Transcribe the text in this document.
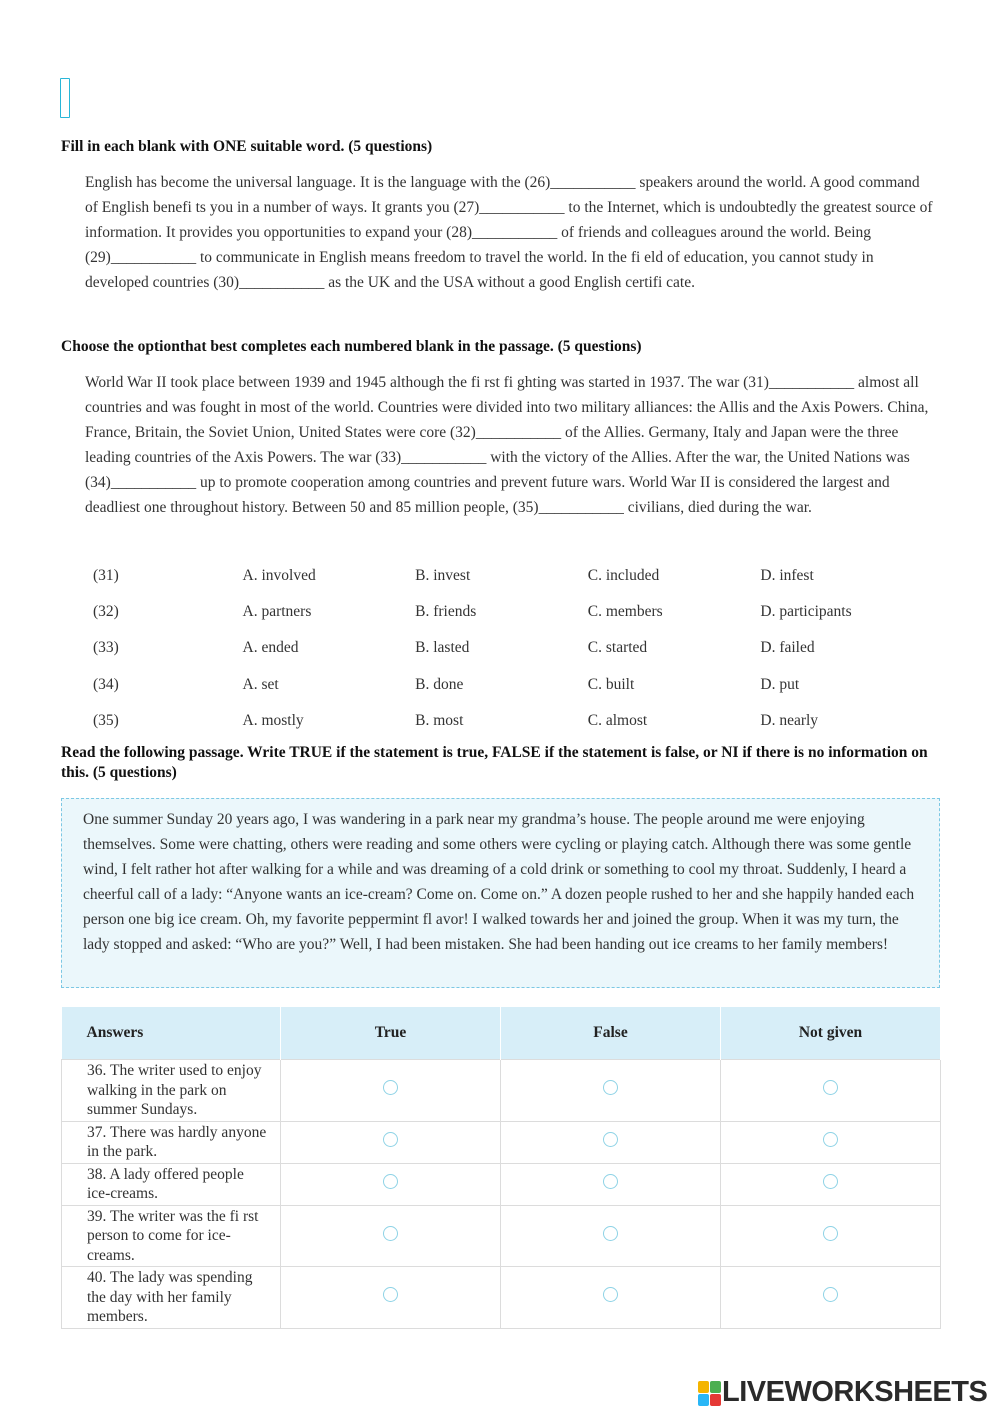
Fill in each blank with ONE suitable word. (5 questions)
English has become the universal language. It is the language with the (26)___________ speakers around the world. A good command of English benefi ts you in a number of ways. It grants you (27)___________ to the Internet, which is undoubtedly the greatest source of information. It provides you opportunities to expand your (28)___________ of friends and colleagues around the world. Being (29)___________ to communicate in English means freedom to travel the world. In the fi eld of education, you cannot study in developed countries (30)___________ as the UK and the USA without a good English certifi cate.
Choose the optionthat best completes each numbered blank in the passage. (5 questions)
World War II took place between 1939 and 1945 although the fi rst fi ghting was started in 1937. The war (31)___________ almost all countries and was fought in most of the world. Countries were divided into two military alliances: the Allis and the Axis Powers. China, France, Britain, the Soviet Union, United States were core (32)___________ of the Allies. Germany, Italy and Japan were the three leading countries of the Axis Powers. The war (33)___________ with the victory of the Allies. After the war, the United Nations was (34)___________ up to promote cooperation among countries and prevent future wars. World War II is considered the largest and deadliest one throughout history. Between 50 and 85 million people, (35)___________ civilians, died during the war.
(31)	A. involved	B. invest	C. included	D. infest
(32)	A. partners	B. friends	C. members	D. participants
(33)	A. ended	B. lasted	C. started	D. failed
(34)	A. set	B. done	C. built	D. put
(35)	A. mostly	B. most	C. almost	D. nearly
Read the following passage. Write TRUE if the statement is true, FALSE if the statement is false, or NI if there is no information on this. (5 questions)
One summer Sunday 20 years ago, I was wandering in a park near my grandma’s house. The people around me were enjoying themselves. Some were chatting, others were reading and some others were cycling or playing catch. Although there was some gentle wind, I felt rather hot after walking for a while and was dreaming of a cold drink or something to cool my throat. Suddenly, I heard a cheerful call of a lady: “Anyone wants an ice-cream? Come on. Come on.” A dozen people rushed to her and she happily handed each person one big ice cream. Oh, my favorite peppermint fl avor! I walked towards her and joined the group. When it was my turn, the lady stopped and asked: “Who are you?” Well, I had been mistaken. She had been handing out ice creams to her family members!
Answers	True	False	Not given
36. The writer used to enjoy walking in the park on summer Sundays.			
37. There was hardly anyone in the park.			
38. A lady offered people ice-creams.			
39. The writer was the fi rst person to come for ice-creams.			
40. The lady was spending the day with her family members.			
LIVEWORKSHEETS
